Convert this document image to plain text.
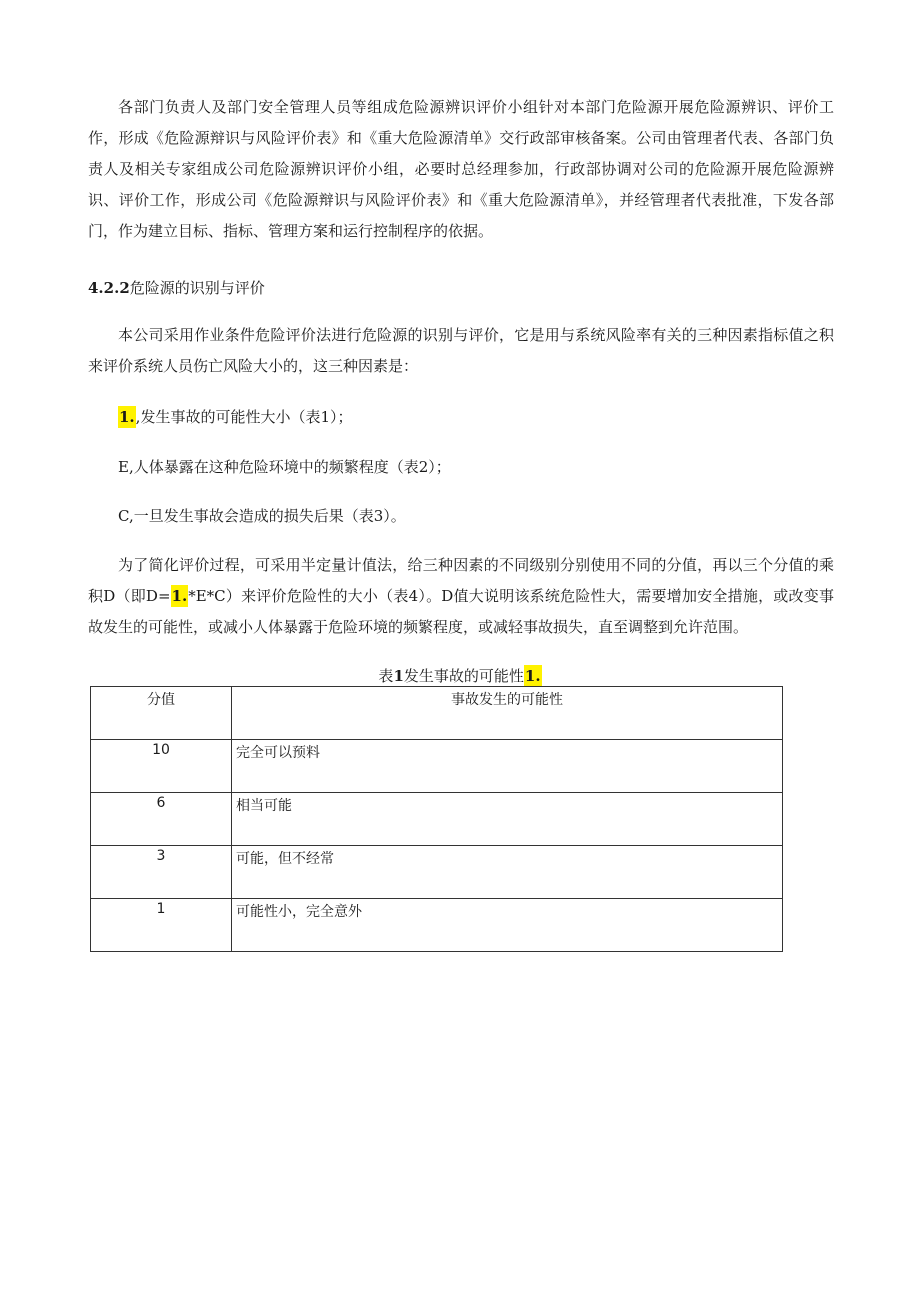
各部门负责人及部门安全管理人员等组成危险源辨识评价小组针对本部门危险源开展危险源辨识、评价工作，形成《危险源辩识与风险评价表》和《重大危险源清单》交行政部审核备案。公司由管理者代表、各部门负责人及相关专家组成公司危险源辨识评价小组，必要时总经理参加，行政部协调对公司的危险源开展危险源辨识、评价工作，形成公司《危险源辩识与风险评价表》和《重大危险源清单》，并经管理者代表批准，下发各部门，作为建立目标、指标、管理方案和运行控制程序的依据。

4.2.2危险源的识别与评价

本公司采用作业条件危险评价法进行危险源的识别与评价，它是用与系统风险率有关的三种因素指标值之积来评价系统人员伤亡风险大小的，这三种因素是：

1.,发生事故的可能性大小（表1）；

E,人体暴露在这种危险环境中的频繁程度（表2）；

C,一旦发生事故会造成的损失后果（表3）。

为了简化评价过程，可采用半定量计值法，给三种因素的不同级别分别使用不同的分值，再以三个分值的乘积D（即D=1.*E*C）来评价危险性的大小（表4）。D值大说明该系统危险性大，需要增加安全措施，或改变事故发生的可能性，或减小人体暴露于危险环境的频繁程度，或减轻事故损失，直至调整到允许范围。

表1发生事故的可能性1.

分值	事故发生的可能性
10	完全可以预料
6	相当可能
3	可能，但不经常
1	可能性小，完全意外
